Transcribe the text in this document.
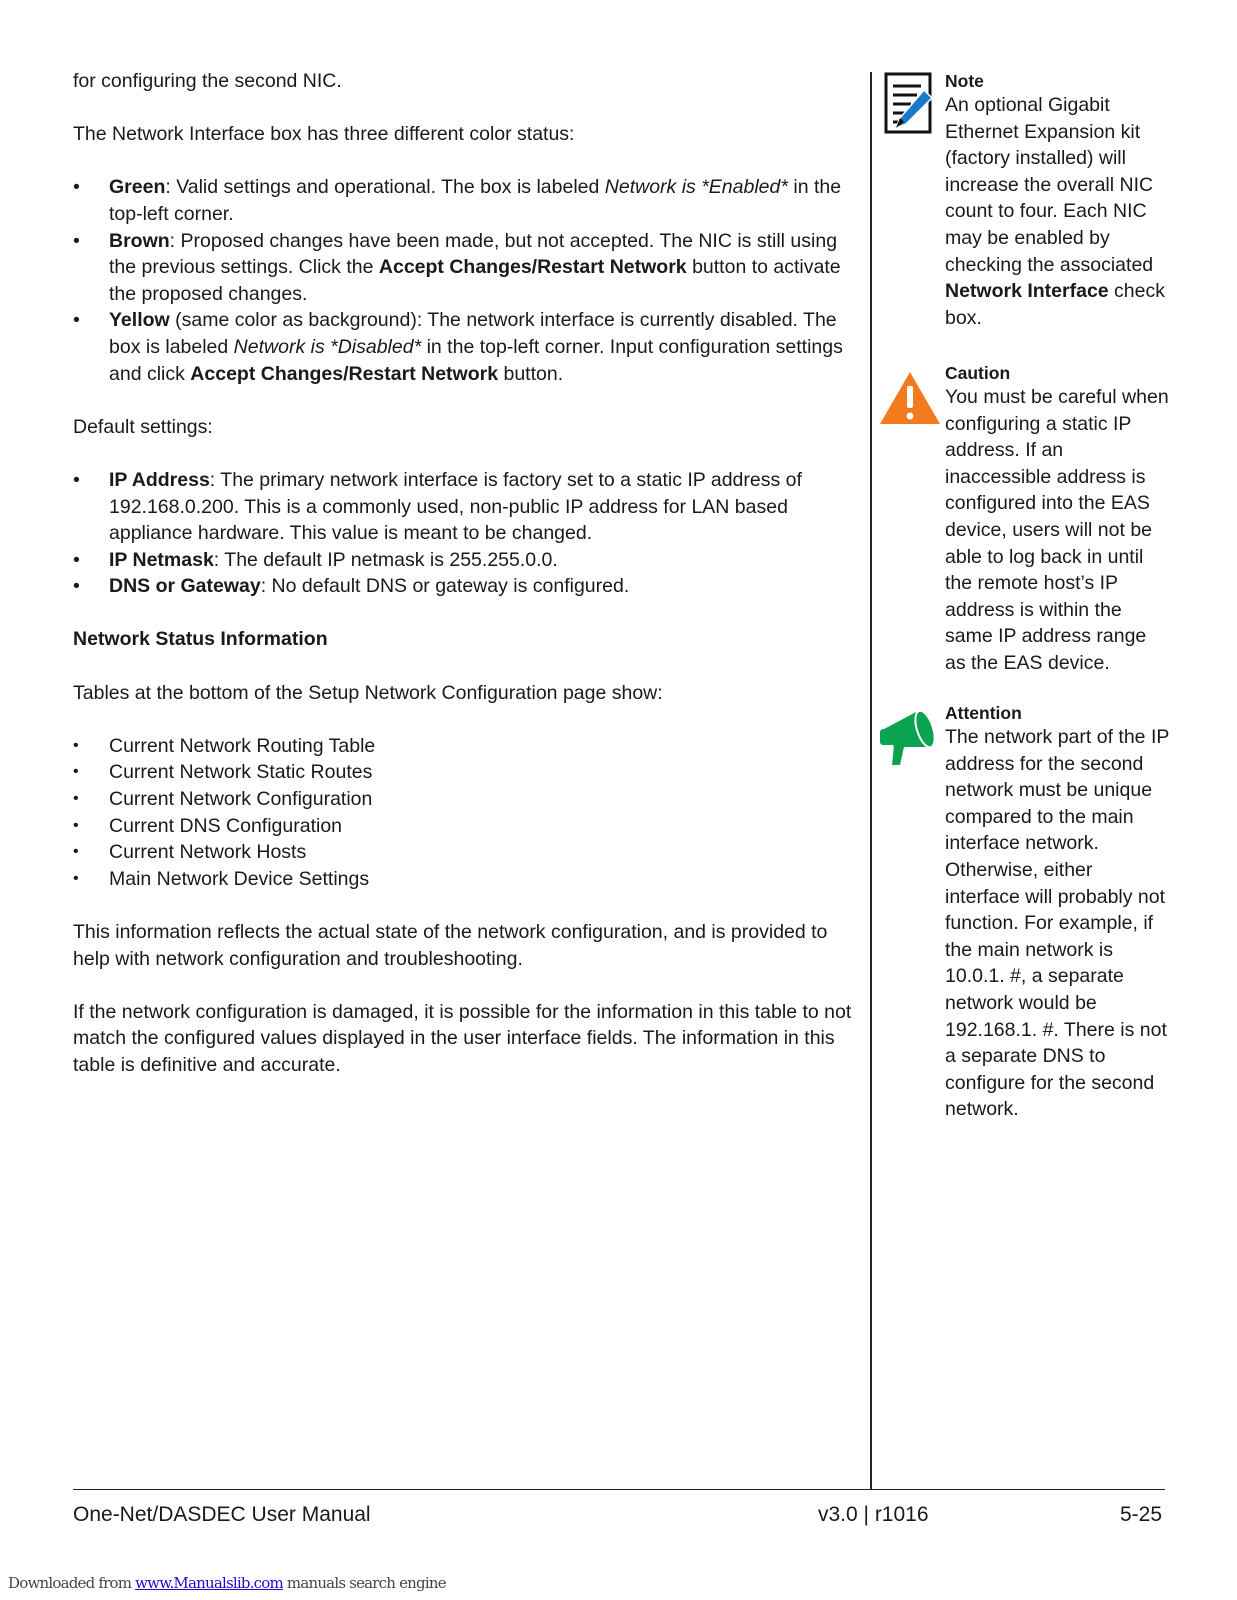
for configuring the second NIC.

The Network Interface box has three different color status:

• Green: Valid settings and operational. The box is labeled Network is *Enabled* in the top-left corner.
• Brown: Proposed changes have been made, but not accepted. The NIC is still using the previous settings. Click the Accept Changes/Restart Network button to activate the proposed changes.
• Yellow (same color as background): The network interface is currently disabled. The box is labeled Network is *Disabled* in the top-left corner. Input configuration settings and click Accept Changes/Restart Network button.

Default settings:

• IP Address: The primary network interface is factory set to a static IP address of 192.168.0.200. This is a commonly used, non-public IP address for LAN based appliance hardware. This value is meant to be changed.
• IP Netmask: The default IP netmask is 255.255.0.0.
• DNS or Gateway: No default DNS or gateway is configured.
Network Status Information

Tables at the bottom of the Setup Network Configuration page show:

• Current Network Routing Table
• Current Network Static Routes
• Current Network Configuration
• Current DNS Configuration
• Current Network Hosts
• Main Network Device Settings

This information reflects the actual state of the network configuration, and is provided to help with network configuration and troubleshooting.

If the network configuration is damaged, it is possible for the information in this table to not match the configured values displayed in the user interface fields. The information in this table is definitive and accurate.

Note
An optional Gigabit Ethernet Expansion kit (factory installed) will increase the overall NIC count to four. Each NIC may be enabled by checking the associated Network Interface check box.
Caution
You must be careful when configuring a static IP address. If an inaccessible address is configured into the EAS device, users will not be able to log back in until the remote host’s IP address is within the same IP address range as the EAS device.
Attention
The network part of the IP address for the second network must be unique compared to the main interface network. Otherwise, either interface will probably not function. For example, if the main network is 10.0.1. #, a separate network would be 192.168.1. #. There is not a separate DNS to configure for the second network.
One-Net/DASDEC User Manual	v3.0 | r1016	5-25
Downloaded from www.Manualslib.com manuals search engine
